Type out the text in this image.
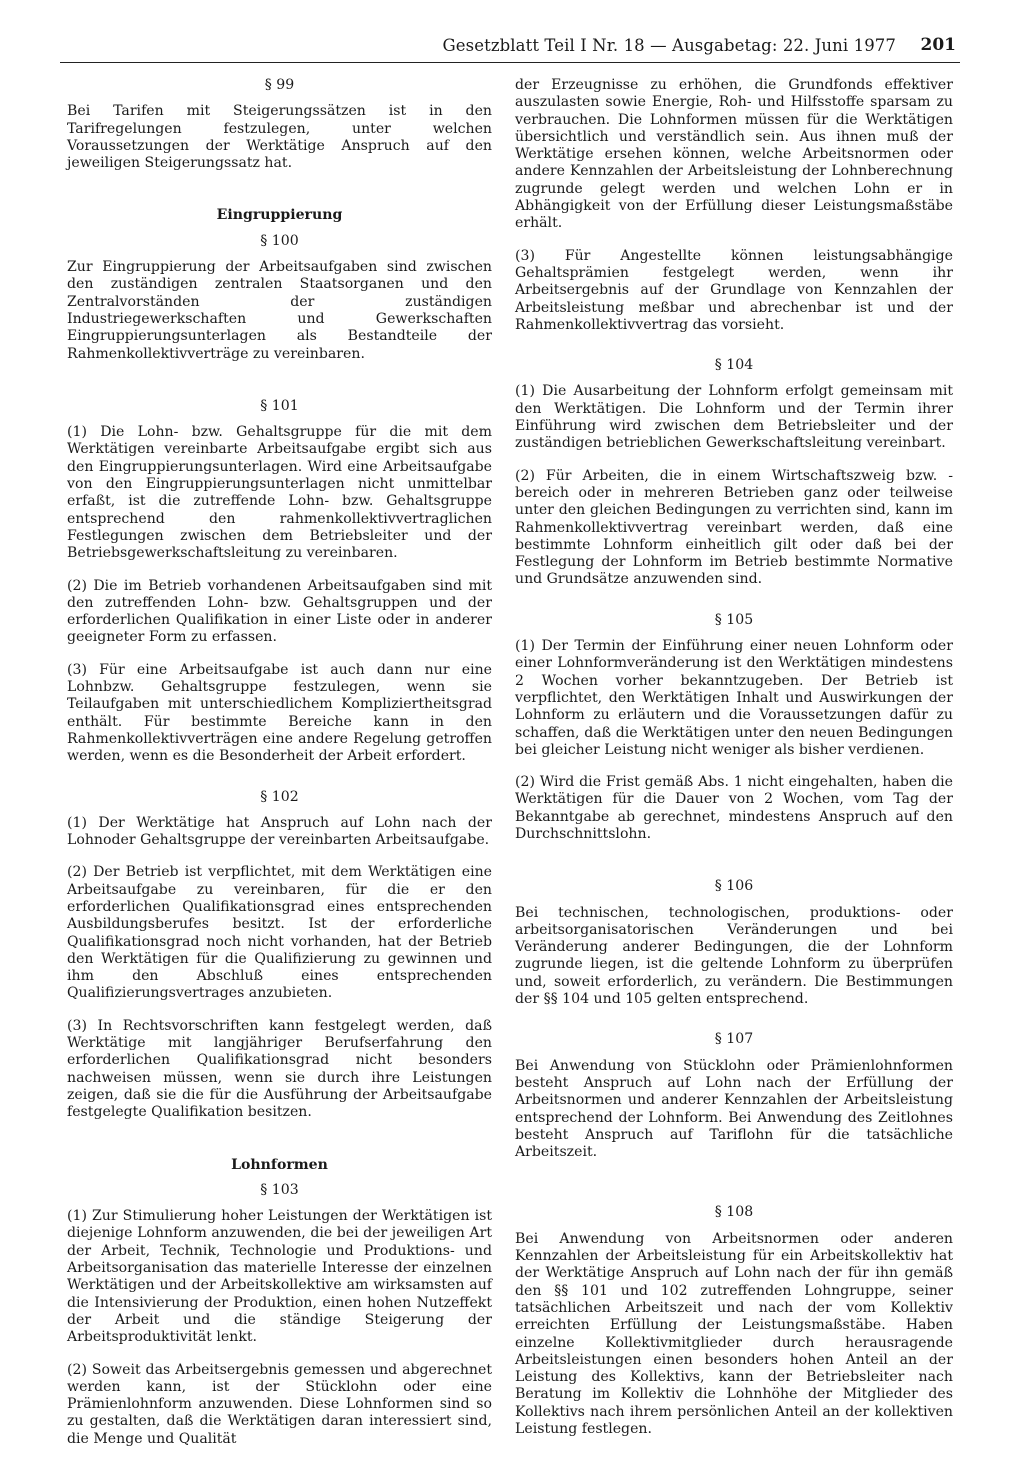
Gesetzblatt Teil I Nr. 18 — Ausgabetag: 22. Juni 1977 201
§ 99

Bei Tarifen mit Steigerungssätzen ist in den Tarifregelungen festzulegen, unter welchen Voraussetzungen der Werktätige Anspruch auf den jeweiligen Steigerungssatz hat.

Eingruppierung
§ 100

Zur Eingruppierung der Arbeitsaufgaben sind zwischen den zuständigen zentralen Staatsorganen und den Zentralvorständen der zuständigen Industriegewerkschaften und Gewerkschaften Eingruppierungsunterlagen als Bestandteile der Rahmenkollektivverträge zu vereinbaren.

§ 101

(1) Die Lohn- bzw. Gehaltsgruppe für die mit dem Werktätigen vereinbarte Arbeitsaufgabe ergibt sich aus den Eingruppierungsunterlagen. Wird eine Arbeitsaufgabe von den Eingruppierungsunterlagen nicht unmittelbar erfaßt, ist die zutreffende Lohn- bzw. Gehaltsgruppe entsprechend den rahmenkollektivvertraglichen Festlegungen zwischen dem Betriebsleiter und der Betriebsgewerkschaftsleitung zu vereinbaren.

(2) Die im Betrieb vorhandenen Arbeitsaufgaben sind mit den zutreffenden Lohn- bzw. Gehaltsgruppen und der erforderlichen Qualifikation in einer Liste oder in anderer geeigneter Form zu erfassen.

(3) Für eine Arbeitsaufgabe ist auch dann nur eine Lohnbzw. Gehaltsgruppe festzulegen, wenn sie Teilaufgaben mit unterschiedlichem Kompliziertheitsgrad enthält. Für bestimmte Bereiche kann in den Rahmenkollektivverträgen eine andere Regelung getroffen werden, wenn es die Besonderheit der Arbeit erfordert.

§ 102

(1) Der Werktätige hat Anspruch auf Lohn nach der Lohnoder Gehaltsgruppe der vereinbarten Arbeitsaufgabe.

(2) Der Betrieb ist verpflichtet, mit dem Werktätigen eine Arbeitsaufgabe zu vereinbaren, für die er den erforderlichen Qualifikationsgrad eines entsprechenden Ausbildungsberufes besitzt. Ist der erforderliche Qualifikationsgrad noch nicht vorhanden, hat der Betrieb den Werktätigen für die Qualifizierung zu gewinnen und ihm den Abschluß eines entsprechenden Qualifizierungsvertrages anzubieten.

(3) In Rechtsvorschriften kann festgelegt werden, daß Werktätige mit langjähriger Berufserfahrung den erforderlichen Qualifikationsgrad nicht besonders nachweisen müssen, wenn sie durch ihre Leistungen zeigen, daß sie die für die Ausführung der Arbeitsaufgabe festgelegte Qualifikation besitzen.

Lohnformen
§ 103

(1) Zur Stimulierung hoher Leistungen der Werktätigen ist diejenige Lohnform anzuwenden, die bei der jeweiligen Art der Arbeit, Technik, Technologie und Produktions- und Arbeitsorganisation das materielle Interesse der einzelnen Werktätigen und der Arbeitskollektive am wirksamsten auf die Intensivierung der Produktion, einen hohen Nutzeffekt der Arbeit und die ständige Steigerung der Arbeitsproduktivität lenkt.

(2) Soweit das Arbeitsergebnis gemessen und abgerechnet werden kann, ist der Stücklohn oder eine Prämienlohnform anzuwenden. Diese Lohnformen sind so zu gestalten, daß die Werktätigen daran interessiert sind, die Menge und Qualität

der Erzeugnisse zu erhöhen, die Grundfonds effektiver auszulasten sowie Energie, Roh- und Hilfsstoffe sparsam zu verbrauchen. Die Lohnformen müssen für die Werktätigen übersichtlich und verständlich sein. Aus ihnen muß der Werktätige ersehen können, welche Arbeitsnormen oder andere Kennzahlen der Arbeitsleistung der Lohnberechnung zugrunde gelegt werden und welchen Lohn er in Abhängigkeit von der Erfüllung dieser Leistungsmaßstäbe erhält.

(3) Für Angestellte können leistungsabhängige Gehaltsprämien festgelegt werden, wenn ihr Arbeitsergebnis auf der Grundlage von Kennzahlen der Arbeitsleistung meßbar und abrechenbar ist und der Rahmenkollektivvertrag das vorsieht.

§ 104

(1) Die Ausarbeitung der Lohnform erfolgt gemeinsam mit den Werktätigen. Die Lohnform und der Termin ihrer Einführung wird zwischen dem Betriebsleiter und der zuständigen betrieblichen Gewerkschaftsleitung vereinbart.

(2) Für Arbeiten, die in einem Wirtschaftszweig bzw. -bereich oder in mehreren Betrieben ganz oder teilweise unter den gleichen Bedingungen zu verrichten sind, kann im Rahmenkollektivvertrag vereinbart werden, daß eine bestimmte Lohnform einheitlich gilt oder daß bei der Festlegung der Lohnform im Betrieb bestimmte Normative und Grundsätze anzuwenden sind.

§ 105

(1) Der Termin der Einführung einer neuen Lohnform oder einer Lohnformveränderung ist den Werktätigen mindestens 2 Wochen vorher bekanntzugeben. Der Betrieb ist verpflichtet, den Werktätigen Inhalt und Auswirkungen der Lohnform zu erläutern und die Voraussetzungen dafür zu schaffen, daß die Werktätigen unter den neuen Bedingungen bei gleicher Leistung nicht weniger als bisher verdienen.

(2) Wird die Frist gemäß Abs. 1 nicht eingehalten, haben die Werktätigen für die Dauer von 2 Wochen, vom Tag der Bekanntgabe ab gerechnet, mindestens Anspruch auf den Durchschnittslohn.

§ 106

Bei technischen, technologischen, produktions- oder arbeitsorganisatorischen Veränderungen und bei Veränderung anderer Bedingungen, die der Lohnform zugrunde liegen, ist die geltende Lohnform zu überprüfen und, soweit erforderlich, zu verändern. Die Bestimmungen der §§ 104 und 105 gelten entsprechend.

§ 107

Bei Anwendung von Stücklohn oder Prämienlohnformen besteht Anspruch auf Lohn nach der Erfüllung der Arbeitsnormen und anderer Kennzahlen der Arbeitsleistung entsprechend der Lohnform. Bei Anwendung des Zeitlohnes besteht Anspruch auf Tariflohn für die tatsächliche Arbeitszeit.

§ 108

Bei Anwendung von Arbeitsnormen oder anderen Kennzahlen der Arbeitsleistung für ein Arbeitskollektiv hat der Werktätige Anspruch auf Lohn nach der für ihn gemäß den §§ 101 und 102 zutreffenden Lohngruppe, seiner tatsächlichen Arbeitszeit und nach der vom Kollektiv erreichten Erfüllung der Leistungsmaßstäbe. Haben einzelne Kollektivmitglieder durch herausragende Arbeitsleistungen einen besonders hohen Anteil an der Leistung des Kollektivs, kann der Betriebsleiter nach Beratung im Kollektiv die Lohnhöhe der Mitglieder des Kollektivs nach ihrem persönlichen Anteil an der kollektiven Leistung festlegen.
